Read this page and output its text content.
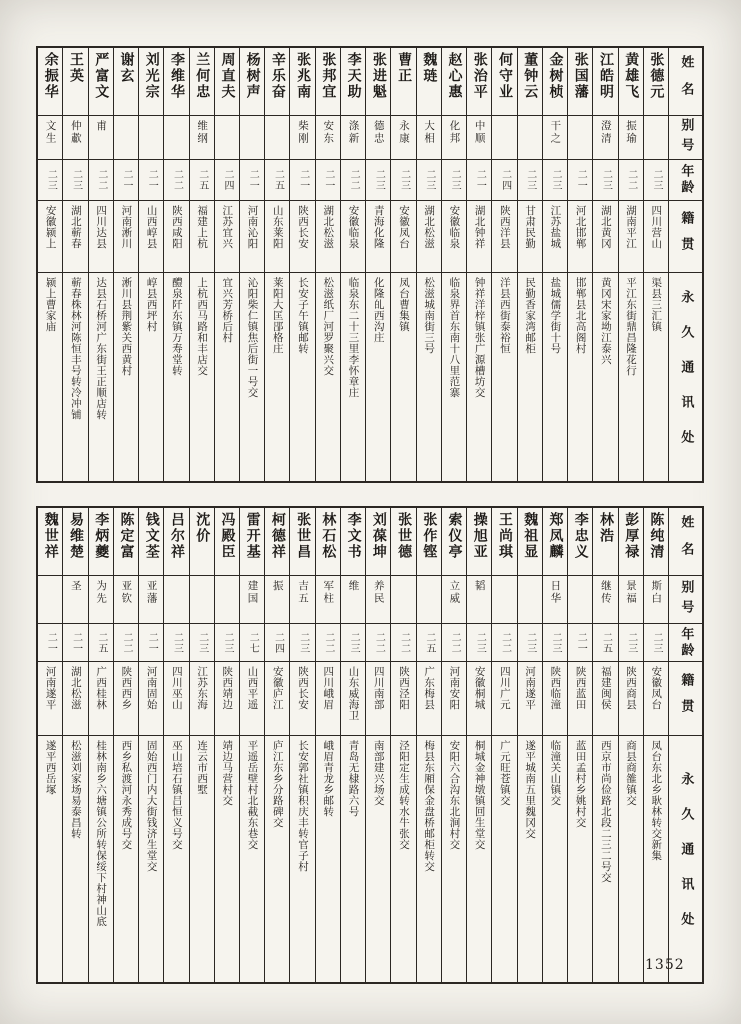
姓名
别号
年龄
籍贯
永久通讯处
张德元
二三
四川营山
渠县三汇镇
黄雄飞
振瑜
二二
湖南平江
平江东街鼎昌隆花行
江皓明
澄清
二三
湖北黄冈
黄冈宋家坳江泰兴
张国藩
二一
河北邯郸
邯郸县北高阁村
金树桢
干之
二三
江苏盐城
盐城儒学街十号
董钟云
二三
甘肃民勤
民勤香家湾邮柜
何守业
二四
陕西洋县
洋县西街泰裕恒
张治平
中顺
二一
湖北钟祥
钟祥洋梓镇张广源槽坊交
赵心惠
化邦
二三
安徽临泉
临泉界首东南十八里范寨
魏琏
大相
二三
湖北松滋
松滋城南街三号
曹正
永康
二三
安徽凤台
凤台曹集镇
张进魁
德忠
二三
青海化隆
化隆癿西沟庄
李天助
涤新
二二
安徽临泉
临泉东二十三里李怀章庄
张邦宜
安东
二一
湖北松滋
松滋纸厂河罗聚兴交
张兆南
柴刚
二一
陕西长安
长安子午镇邮转
辛乐奋
二五
山东莱阳
莱阳大匡郘格庄
杨树声
二一
河南沁阳
沁阳柴仁镇焦后街一号交
周直夫
二四
江苏宜兴
宜兴芳桥后村
兰何忠
维纲
二五
福建上杭
上杭西马路和丰店交
李维华
二二
陕西咸阳
醴泉阡东镇万寿堂转
刘光宗
二一
山西崞县
崞县西坪村
谢玄
二一
河南淅川
淅川县荆紫关西黄村
严富文
甫
二二
四川达县
达县石桥河广东街王正顺店转
王英
仲歗
二三
湖北蕲春
蕲春株林河陈恒丰号转冷冲铺
余振华
文生
二三
安徽颍上
颍上曹家庙
姓名
别号
年龄
籍贯
永久通讯处
陈纯清
斯白
二三
安徽凤台
凤台东北乡耿林转交新集
彭厚禄
景福
二三
陕西商县
商县商雒镇交
林浩
继传
二五
福建闽侯
西京市尚俭路北段二三二号交
李忠义
二一
陕西蓝田
蓝田孟村乡姚村交
郑凤麟
日华
二三
陕西临潼
临潼关山镇交
魏祖显
二三
河南遂平
遂平城南五里魏冈交
王尚琪
二二
四川广元
广元旺苍镇交
操旭亚
韬
二三
安徽桐城
桐城金神墩镇回生堂交
索仪亭
立威
二二
河南安阳
安阳六合沟东北涧村交
张作铿
二五
广东梅县
梅县东厢保金盘桥邮柜转交
张世德
二二
陕西泾阳
泾阳定生成转水牛张交
刘葆坤
养民
二二
四川南部
南部建兴场交
李文书
维
二三
山东威海卫
青岛无棣路六号
林石松
军柱
二二
四川峨眉
峨眉青龙乡邮转
张世昌
吉五
二三
陕西长安
长安郭社镇积庆丰转官子村
柯德祥
振
二四
安徽庐江
庐江东乡分路碑交
雷开基
建国
二七
山西平遥
平遥岳壁村北截东巷交
冯殿臣
二三
陕西靖边
靖边马营村交
沈价
二三
江苏东海
连云市西墅
吕尔祥
二三
四川巫山
巫山培石镇吕恒义号交
钱文荃
亚藩
二一
河南固始
固始西门内大街钱济生堂交
陈定富
亚钦
二二
陕西西乡
西乡私渡河永秀成号交
李炳夔
为先
二五
广西桂林
桂林南乡六塘镇公所转保绥下村神山底
易维楚
圣
二一
湖北松滋
松滋刘家场易泰昌转
魏世祥
二一
河南遂平
遂平西岳塚
1352
